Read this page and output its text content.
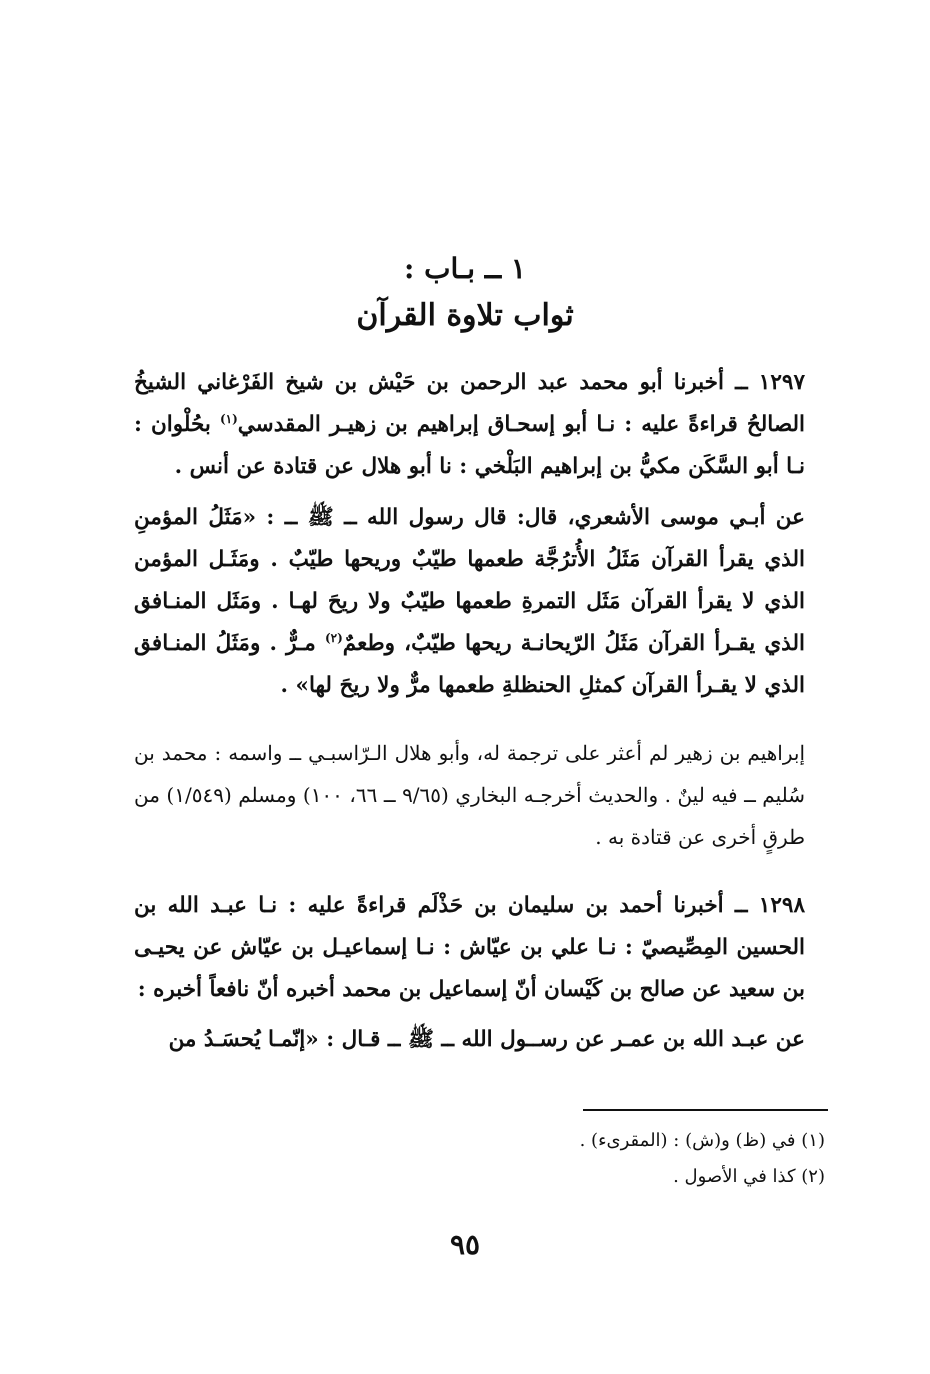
١ ــ بـاب :
ثواب تلاوة القرآن
١٢٩٧ ــ أخبرنا أبو محمد عبد الرحمن بن حَيْش بن شيخ الفَرْغاني الشيخُ الصالحُ قراءةً عليه : نـا أبو إسحـاق إبراهيم بن زهيـر المقدسي$^{(١)}$ بحُلْوان : نـا أبو السَّكَن مكيُّ بن إبراهيم البَلْخي : نا أبو هلال عن قتادة عن أنس .
عن أبـي موسى الأشعري، قال: قال رسول الله ــ ﷺ ــ : «مَثَلُ المؤمنِ الذي يقرأ القرآن مَثَلُ الأُترُجَّة طعمها طيّبٌ وريحها طيّبٌ . ومَثَـل المؤمن الذي لا يقرأ القرآن مَثَل التمرةِ طعمها طيّبٌ ولا ريحَ لهـا . ومَثَل المنـافق الذي يقـرأ القرآن مَثَلُ الرّيحانـة ريحها طيّبٌ، وطعمٌ$^{(٢)}$ مـرٌّ . ومَثَلُ المنـافق الذي لا يقـرأ القرآن كمثلِ الحنظلةِ طعمها مرٌّ ولا ريحَ لها» .
إبراهيم بن زهير لم أعثر على ترجمة له، وأبو هلال الـرّاسبـي ــ واسمه : محمد بن سُليم ــ فيه لينٌ . والحديث أخرجـه البخاري (٩/٦٥ ــ ٦٦، ١٠٠) ومسلم (١/٥٤٩) من طرقٍ أخرى عن قتادة به .
١٢٩٨ ــ أخبرنا أحمد بن سليمان بن حَذْلَم قراءةً عليه : نـا عبـد الله بن الحسين المِصِّيصيّ : نـا علي بن عيّاش : نـا إسماعيـل بن عيّاش عن يحيـى بن سعيد عن صالح بن كَيْسان أنّ إسماعيل بن محمد أخبره أنّ نافعاً أخبره :
عن عبـد الله بن عمـر عن رســول الله ــ ﷺ ــ قـال : «إنّمـا يُحسَـدُ من
(١) في (ظ) و(ش) : (المقرىء) .
(٢) كذا في الأصول .
٩٥
